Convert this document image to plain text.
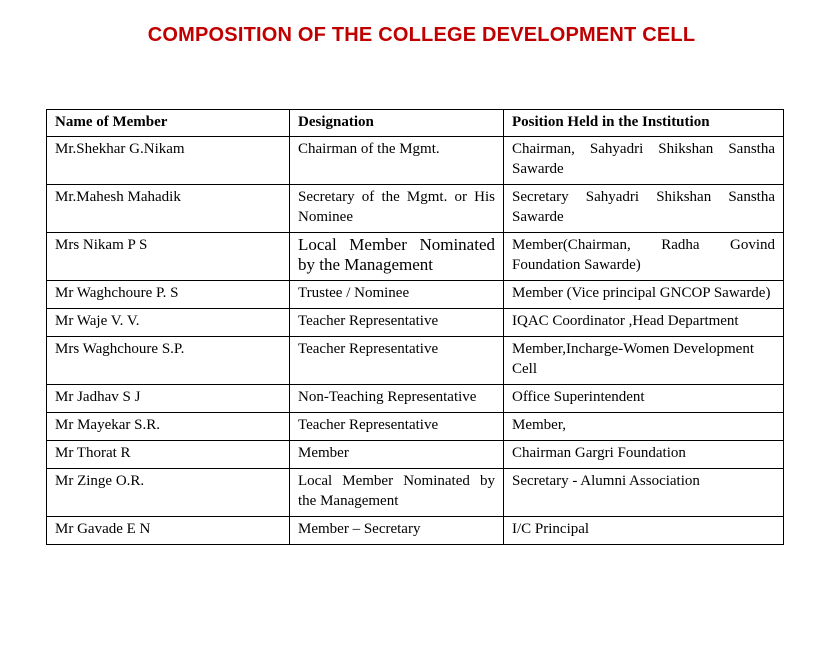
COMPOSITION OF THE COLLEGE DEVELOPMENT CELL
Name of Member	Designation	Position Held in the Institution
Mr.Shekhar G.Nikam	Chairman of the Mgmt.	Chairman, Sahyadri Shikshan Sanstha Sawarde
Mr.Mahesh Mahadik	Secretary of the Mgmt. or His Nominee	Secretary Sahyadri Shikshan Sanstha Sawarde
Mrs Nikam P S	Local Member Nominated by the Management	Member(Chairman, Radha Govind Foundation Sawarde)
Mr Waghchoure P. S	Trustee / Nominee	Member (Vice principal GNCOP Sawarde)
Mr Waje V. V.	Teacher Representative	IQAC Coordinator ,Head Department
Mrs Waghchoure S.P.	Teacher Representative	Member,Incharge-Women Development Cell
Mr Jadhav S J	Non-Teaching Representative	Office Superintendent
Mr Mayekar S.R.	Teacher Representative	Member,
Mr Thorat R	Member	Chairman Gargri Foundation
Mr Zinge O.R.	Local Member Nominated by the Management	Secretary - Alumni Association
Mr Gavade E N	Member – Secretary	I/C Principal
